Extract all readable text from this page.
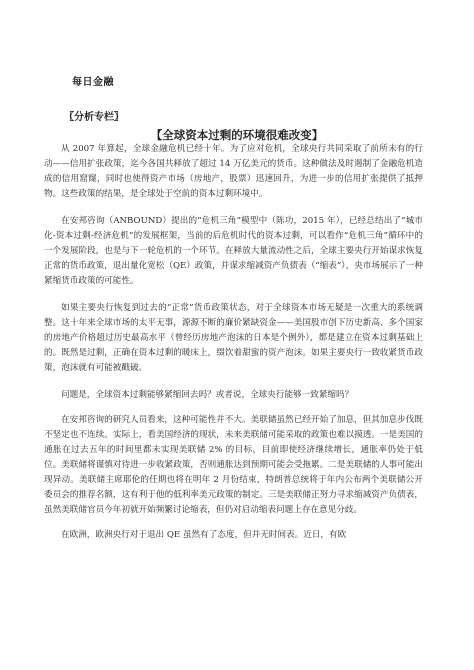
每日金融
〖分析专栏〗
【全球资本过剩的环境很难改变】

从 2007 年算起，全球金融危机已经十年。为了应对危机，全球央行共同采取了前所未有的行动——信用扩张政策，迄今各国共释放了超过 14 万亿美元的货币。这种做法及时遏制了金融危机造成的信用窟窿，同时也使得资产市场（房地产，股票）迅速回升，为进一步的信用扩张提供了抵押物。这些政策的结果，是全球处于空前的资本过剩环境中。

在安邦咨询（ANBOUND）提出的“危机三角”模型中（陈功，2015 年），已经总结出了“城市化-资本过剩-经济危机”的发展框架，当前的后危机时代的资本过剩，可以看作“危机三角”循环中的一个发展阶段，也是与下一轮危机的一个环节。在释放大量流动性之后，全球主要央行开始谋求恢复正常的货币政策，退出量化宽松（QE）政策，并谋求缩减资产负债表（“缩表”），央市场展示了一种紧缩货币政策的可能性。

如果主要央行恢复到过去的“正常”货币政策状态，对于全球资本市场无疑是一次重大的系统调整。这十年来全球市场的太平无事，源源不断的廉价紧缺资金——美国股市创下历史新高、多个国家的房地产价格超过历史最高水平（曾经历房地产泡沫的日本是个例外），都是建立在资本过剩基础上的。既然是过剩，正确在资本过剩的暖床上，缀饮着甜蜜的资产泡沫。如果主要央行一致收紧货币政策，泡沫就有可能被戳破。

问题是，全球资本过剩能够紧缩回去吗？或者说，全球央行能够一致紧缩吗？

在安邦咨询的研究人员看来，这种可能性并不大。美联储虽然已经开始了加息，但其加息步伐既不坚定也不连续。实际上，看美国经济的现状，未来美联储可能采取的政策也难以摸透。一是美国的通胀在过去五年的时间里都未实现美联储 2% 的目标，目前即使经济继续增长，通胀率仍处于低位。美联储将谨慎对待进一步收紧政策，否则通胀达到预期可能会受拖累。二是美联储的人事可能出现异动。美联储主席耶伦的任期也将在明年 2 月份结束，特朗普总统将于年内公布两个美联储公开委员会的推荐名额，这有利于他的低利率美元政策的制定。三是美联储正努力寻求缩减资产负债表，虽然美联储官员今年初就开始频繁讨论缩表，但仍对启动缩表问题上存在意见分歧。

在欧洲，欧洲央行对于退出 QE 虽然有了态度，但并无时间表。近日，有欧
